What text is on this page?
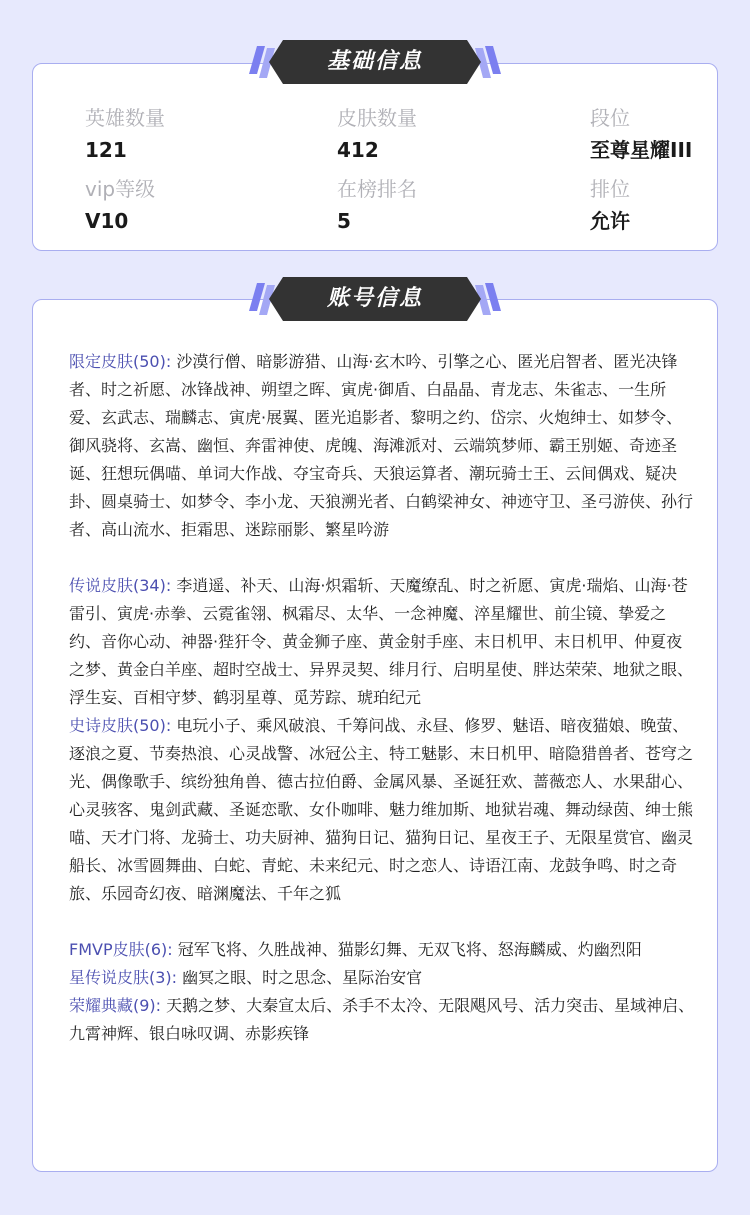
英雄数量
121
皮肤数量
412
段位
至尊星耀III
vip等级
V10
在榜排名
5
排位
允许
基础信息
限定皮肤(50): 沙漠行僧、暗影游猎、山海·玄木吟、引擎之心、匿光启智者、匿光决锋者、时之祈愿、冰锋战神、朔望之晖、寅虎·御盾、白晶晶、青龙志、朱雀志、一生所爱、玄武志、瑞麟志、寅虎·展翼、匿光追影者、黎明之约、岱宗、火炮绅士、如梦令、御风骁将、玄嵩、幽恒、奔雷神使、虎魄、海滩派对、云端筑梦师、霸王别姬、奇迹圣诞、狂想玩偶喵、单词大作战、夺宝奇兵、天狼运算者、潮玩骑士王、云间偶戏、疑决卦、圆桌骑士、如梦令、李小龙、天狼溯光者、白鹤梁神女、神迹守卫、圣弓游侠、孙行者、高山流水、拒霜思、迷踪丽影、繁星吟游
传说皮肤(34): 李逍遥、补天、山海·炽霜斩、天魔缭乱、时之祈愿、寅虎·瑞焰、山海·苍雷引、寅虎·赤拳、云霓雀翎、枫霜尽、太华、一念神魔、淬星耀世、前尘镜、挚爱之约、音你心动、神器·狴犴令、黄金狮子座、黄金射手座、末日机甲、末日机甲、仲夏夜之梦、黄金白羊座、超时空战士、异界灵契、绯月行、启明星使、胖达荣荣、地狱之眼、浮生妄、百相守梦、鹤羽星尊、觅芳踪、琥珀纪元
史诗皮肤(50): 电玩小子、乘风破浪、千筹问战、永昼、修罗、魅语、暗夜猫娘、晚萤、逐浪之夏、节奏热浪、心灵战警、冰冠公主、特工魅影、末日机甲、暗隐猎兽者、苍穹之光、偶像歌手、缤纷独角兽、德古拉伯爵、金属风暴、圣诞狂欢、蔷薇恋人、水果甜心、心灵骇客、鬼剑武藏、圣诞恋歌、女仆咖啡、魅力维加斯、地狱岩魂、舞动绿茵、绅士熊喵、天才门将、龙骑士、功夫厨神、猫狗日记、猫狗日记、星夜王子、无限星赏官、幽灵船长、冰雪圆舞曲、白蛇、青蛇、未来纪元、时之恋人、诗语江南、龙鼓争鸣、时之奇旅、乐园奇幻夜、暗渊魔法、千年之狐
FMVP皮肤(6): 冠军飞将、久胜战神、猫影幻舞、无双飞将、怒海麟威、灼幽烈阳
星传说皮肤(3): 幽冥之眼、时之思念、星际治安官
荣耀典藏(9): 天鹅之梦、大秦宣太后、杀手不太冷、无限飓风号、活力突击、星域神启、九霄神辉、银白咏叹调、赤影疾锋
账号信息
